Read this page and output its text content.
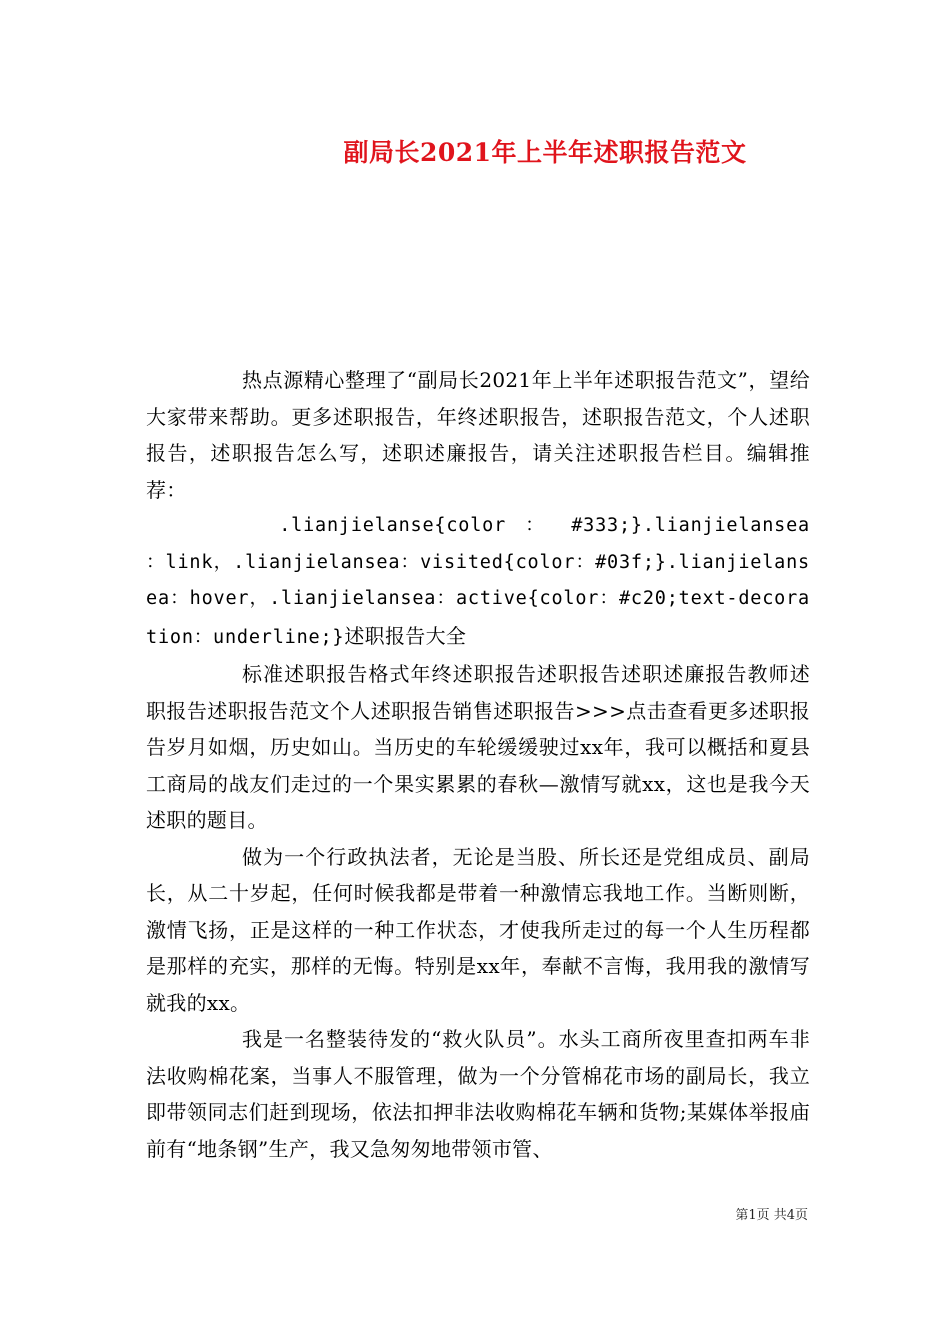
副局长2021年上半年述职报告范文

热点源精心整理了“副局长2021年上半年述职报告范文”，望给大家带来帮助。更多述职报告，年终述职报告，述职报告范文，个人述职报告，述职报告怎么写，述职述廉报告，请关注述职报告栏目。编辑推荐：

.lianjielanse{color ： #333;}.lianjielansea ：link，.lianjielansea：visited{color：#03f;}.lianjielansea：hover，.lianjielansea：active{color：#c20;text-decoration：underline;}述职报告大全

标准述职报告格式年终述职报告述职报告述职述廉报告教师述职报告述职报告范文个人述职报告销售述职报告>>>点击查看更多述职报告岁月如烟，历史如山。当历史的车轮缓缓驶过xx年，我可以概括和夏县工商局的战友们走过的一个果实累累的春秋—激情写就xx，这也是我今天述职的题目。

做为一个行政执法者，无论是当股、所长还是党组成员、副局长，从二十岁起，任何时候我都是带着一种激情忘我地工作。当断则断，激情飞扬，正是这样的一种工作状态，才使我所走过的每一个人生历程都是那样的充实，那样的无悔。特别是xx年，奉献不言悔，我用我的激情写就我的xx。

我是一名整装待发的“救火队员”。水头工商所夜里查扣两车非法收购棉花案，当事人不服管理，做为一个分管棉花市场的副局长，我立即带领同志们赶到现场，依法扣押非法收购棉花车辆和货物;某媒体举报庙前有“地条钢”生产，我又急匆匆地带领市管、

第1页 共4页
